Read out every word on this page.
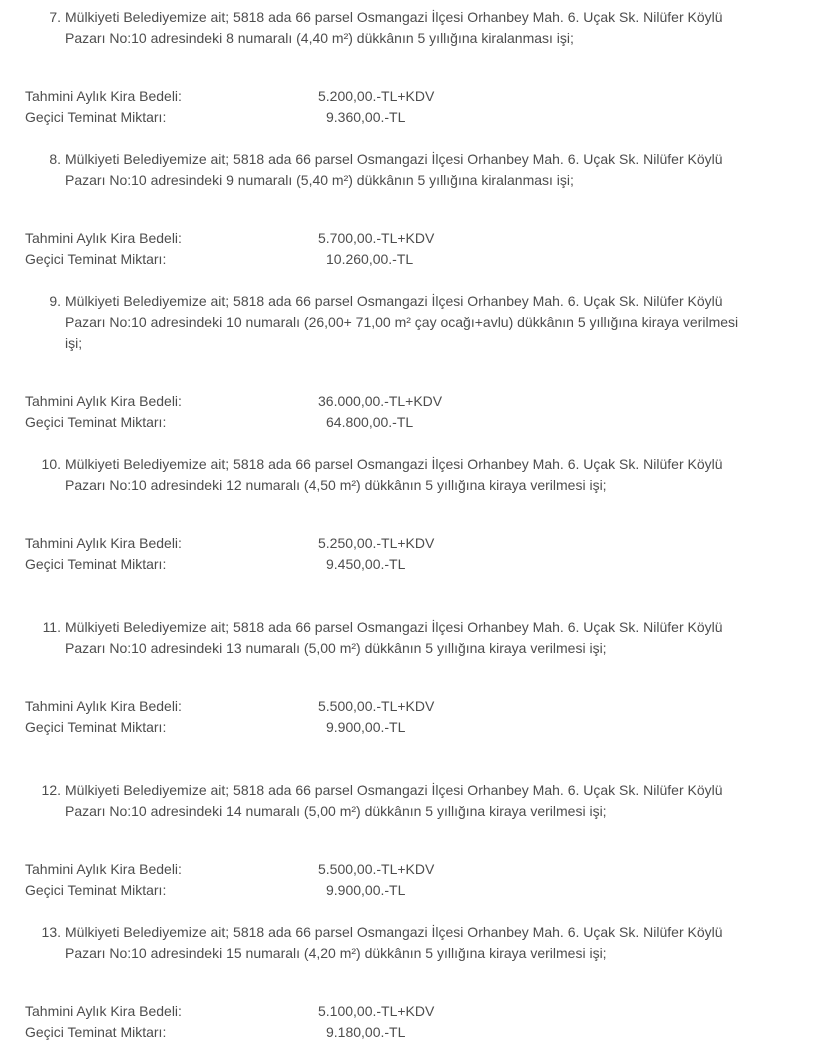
7. Mülkiyeti Belediyemize ait; 5818 ada 66 parsel Osmangazi İlçesi Orhanbey Mah. 6. Uçak Sk. Nilüfer Köylü Pazarı No:10 adresindeki 8 numaralı (4,40 m²) dükkânın 5 yıllığına kiralanması işi;
Tahmini Aylık Kira Bedeli:	5.200,00.-TL+KDV
Geçici Teminat Miktarı:	9.360,00.-TL
8. Mülkiyeti Belediyemize ait; 5818 ada 66 parsel Osmangazi İlçesi Orhanbey Mah. 6. Uçak Sk. Nilüfer Köylü Pazarı No:10 adresindeki 9 numaralı (5,40 m²) dükkânın 5 yıllığına kiralanması işi;
Tahmini Aylık Kira Bedeli:	5.700,00.-TL+KDV
Geçici Teminat Miktarı:	10.260,00.-TL
9. Mülkiyeti Belediyemize ait; 5818 ada 66 parsel Osmangazi İlçesi Orhanbey Mah. 6. Uçak Sk. Nilüfer Köylü Pazarı No:10 adresindeki 10 numaralı (26,00+ 71,00 m² çay ocağı+avlu) dükkânın 5 yıllığına kiraya verilmesi işi;
Tahmini Aylık Kira Bedeli:	36.000,00.-TL+KDV
Geçici Teminat Miktarı:	64.800,00.-TL
10. Mülkiyeti Belediyemize ait; 5818 ada 66 parsel Osmangazi İlçesi Orhanbey Mah. 6. Uçak Sk. Nilüfer Köylü Pazarı No:10 adresindeki 12 numaralı (4,50 m²) dükkânın 5 yıllığına kiraya verilmesi işi;
Tahmini Aylık Kira Bedeli:	5.250,00.-TL+KDV
Geçici Teminat Miktarı:	9.450,00.-TL
11. Mülkiyeti Belediyemize ait; 5818 ada 66 parsel Osmangazi İlçesi Orhanbey Mah. 6. Uçak Sk. Nilüfer Köylü Pazarı No:10 adresindeki 13 numaralı (5,00 m²) dükkânın 5 yıllığına kiraya verilmesi işi;
Tahmini Aylık Kira Bedeli:	5.500,00.-TL+KDV
Geçici Teminat Miktarı:	9.900,00.-TL
12. Mülkiyeti Belediyemize ait; 5818 ada 66 parsel Osmangazi İlçesi Orhanbey Mah. 6. Uçak Sk. Nilüfer Köylü Pazarı No:10 adresindeki 14 numaralı (5,00 m²) dükkânın 5 yıllığına kiraya verilmesi işi;
Tahmini Aylık Kira Bedeli:	5.500,00.-TL+KDV
Geçici Teminat Miktarı:	9.900,00.-TL
13. Mülkiyeti Belediyemize ait; 5818 ada 66 parsel Osmangazi İlçesi Orhanbey Mah. 6. Uçak Sk. Nilüfer Köylü Pazarı No:10 adresindeki 15 numaralı (4,20 m²) dükkânın 5 yıllığına kiraya verilmesi işi;
Tahmini Aylık Kira Bedeli:	5.100,00.-TL+KDV
Geçici Teminat Miktarı:	9.180,00.-TL
